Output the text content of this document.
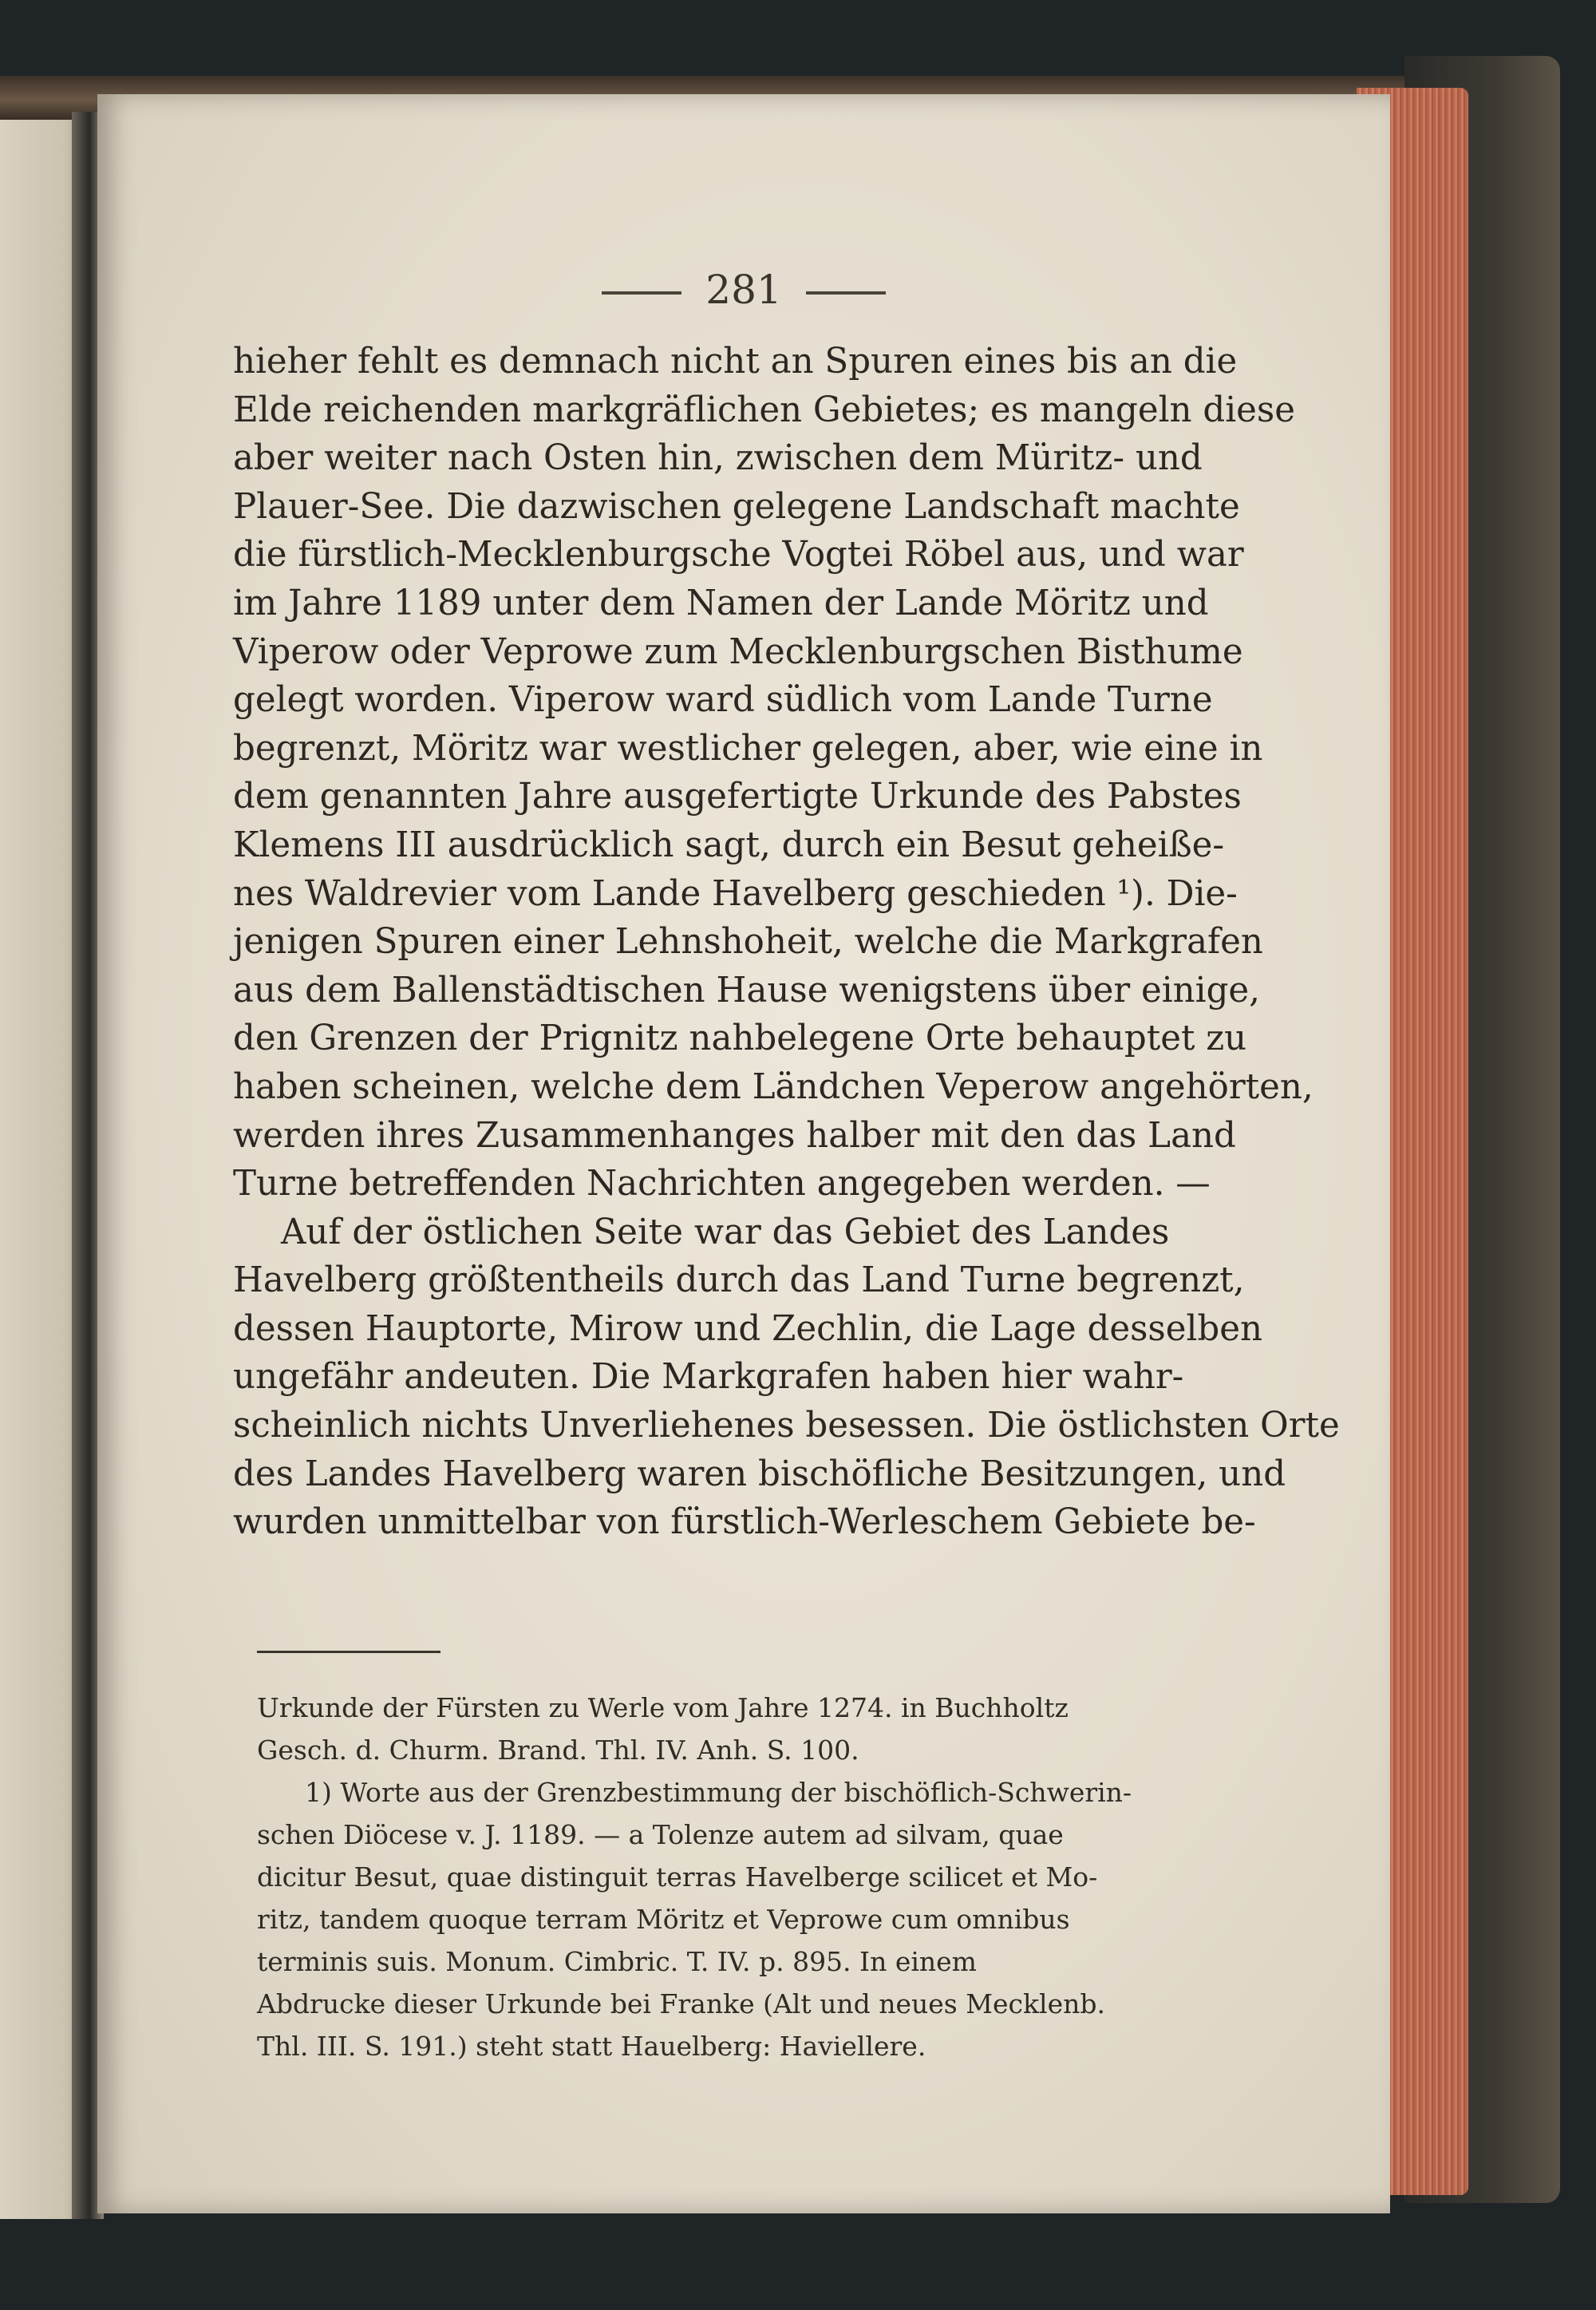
281
hieher fehlt es demnach nicht an Spuren eines bis an die
Elde reichenden markgräflichen Gebietes; es mangeln diese
aber weiter nach Osten hin, zwischen dem Müritz- und
Plauer-See. Die dazwischen gelegene Landschaft machte
die fürstlich-Mecklenburgsche Vogtei Röbel aus, und war
im Jahre 1189 unter dem Namen der Lande Möritz und
Viperow oder Veprowe zum Mecklenburgschen Bisthume
gelegt worden. Viperow ward südlich vom Lande Turne
begrenzt, Möritz war westlicher gelegen, aber, wie eine in
dem genannten Jahre ausgefertigte Urkunde des Pabstes
Klemens III ausdrücklich sagt, durch ein Besut geheiße-
nes Waldrevier vom Lande Havelberg geschieden ¹). Die-
jenigen Spuren einer Lehnshoheit, welche die Markgrafen
aus dem Ballenstädtischen Hause wenigstens über einige,
den Grenzen der Prignitz nahbelegene Orte behauptet zu
haben scheinen, welche dem Ländchen Veperow angehörten,
werden ihres Zusammenhanges halber mit den das Land
Turne betreffenden Nachrichten angegeben werden. —
Auf der östlichen Seite war das Gebiet des Landes
Havelberg größtentheils durch das Land Turne begrenzt,
dessen Hauptorte, Mirow und Zechlin, die Lage desselben
ungefähr andeuten. Die Markgrafen haben hier wahr-
scheinlich nichts Unverliehenes besessen. Die östlichsten Orte
des Landes Havelberg waren bischöfliche Besitzungen, und
wurden unmittelbar von fürstlich-Werleschem Gebiete be-
Urkunde der Fürsten zu Werle vom Jahre 1274. in Buchholtz
Gesch. d. Churm. Brand. Thl. IV. Anh. S. 100.
1) Worte aus der Grenzbestimmung der bischöflich-Schwerin-
schen Diöcese v. J. 1189. — a Tolenze autem ad silvam, quae
dicitur Besut, quae distinguit terras Havelberge scilicet et Mo-
ritz, tandem quoque terram Möritz et Veprowe cum omnibus
terminis suis. Monum. Cimbric. T. IV. p. 895. In einem
Abdrucke dieser Urkunde bei Franke (Alt und neues Mecklenb.
Thl. III. S. 191.) steht statt Hauelberg: Haviellere.
